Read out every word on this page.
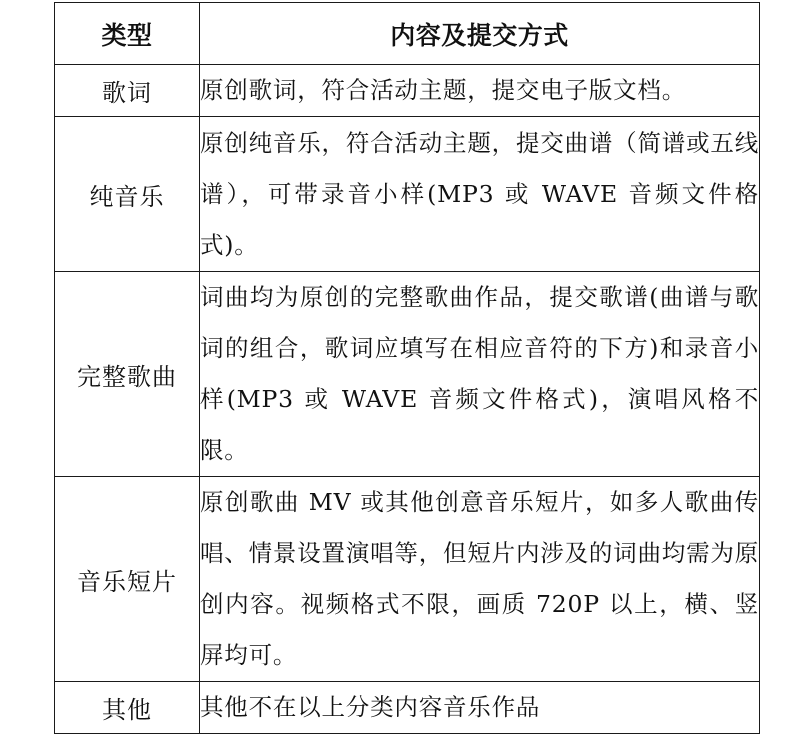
类型	内容及提交方式
歌词	原创歌词，符合活动主题，提交电子版文档。
纯音乐	原创纯音乐，符合活动主题，提交曲谱（简谱或五线谱），可带录音小样(MP3 或 WAVE 音频文件格式)。
完整歌曲	词曲均为原创的完整歌曲作品，提交歌谱(曲谱与歌词的组合，歌词应填写在相应音符的下方)和录音小样(MP3 或 WAVE 音频文件格式)，演唱风格不限。
音乐短片	原创歌曲 MV 或其他创意音乐短片，如多人歌曲传唱、情景设置演唱等，但短片内涉及的词曲均需为原创内容。视频格式不限，画质 720P 以上，横、竖屏均可。
其他	其他不在以上分类内容音乐作品
